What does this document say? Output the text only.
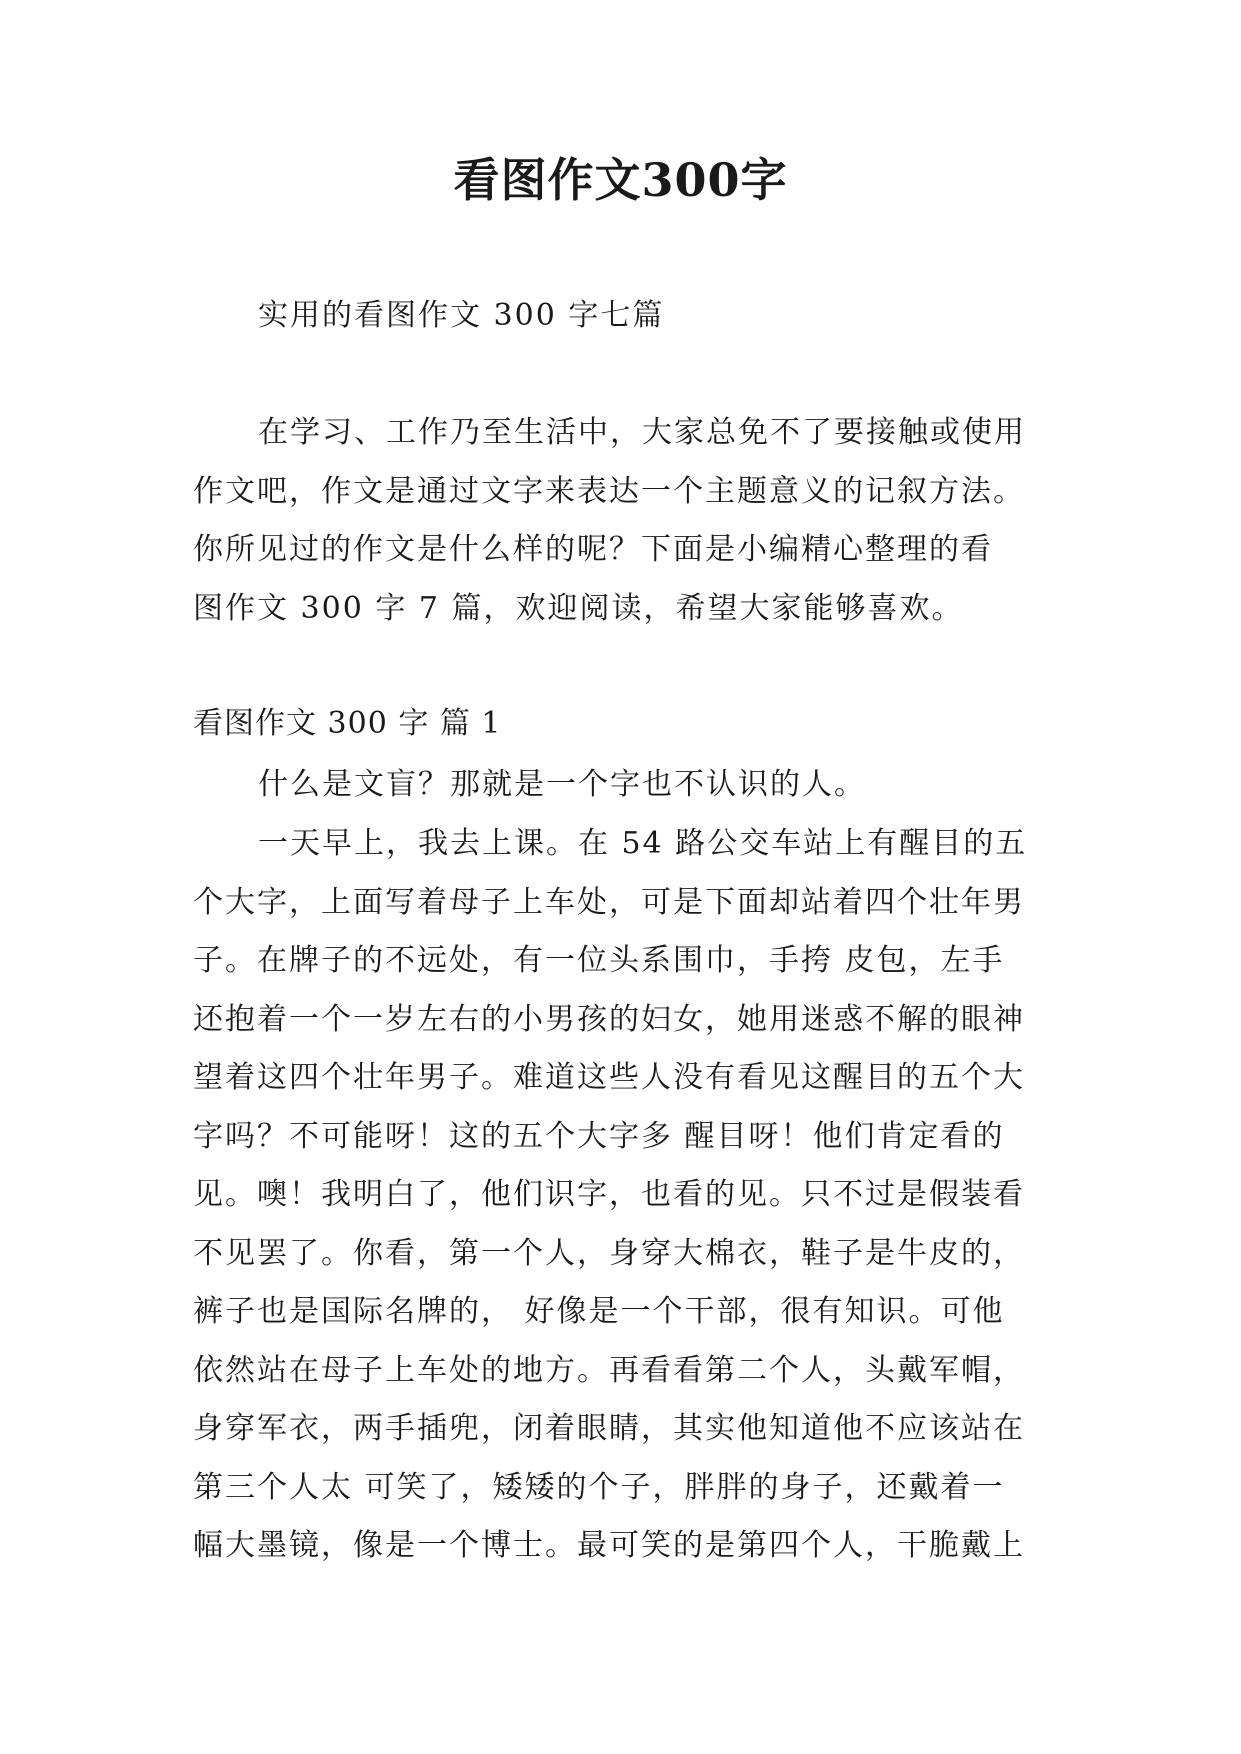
看图作文300字
实用的看图作文 300 字七篇
在学习、工作乃至生活中，大家总免不了要接触或使用
作文吧，作文是通过文字来表达一个主题意义的记叙方法。
你所见过的作文是什么样的呢？下面是小编精心整理的看
图作文 300 字 7 篇，欢迎阅读，希望大家能够喜欢。
看图作文 300 字 篇 1
什么是文盲？那就是一个字也不认识的人。
一天早上，我去上课。在 54 路公交车站上有醒目的五
个大字，上面写着母子上车处，可是下面却站着四个壮年男
子。在牌子的不远处，有一位头系围巾，手挎 皮包，左手
还抱着一个一岁左右的小男孩的妇女，她用迷惑不解的眼神
望着这四个壮年男子。难道这些人没有看见这醒目的五个大
字吗？不可能呀！这的五个大字多 醒目呀！他们肯定看的
见。噢！我明白了，他们识字，也看的见。只不过是假装看
不见罢了。你看，第一个人，身穿大棉衣，鞋子是牛皮的，
裤子也是国际名牌的， 好像是一个干部，很有知识。可他
依然站在母子上车处的地方。再看看第二个人，头戴军帽，
身穿军衣，两手插兜，闭着眼睛，其实他知道他不应该站在
第三个人太 可笑了，矮矮的个子，胖胖的身子，还戴着一
幅大墨镜，像是一个博士。最可笑的是第四个人，干脆戴上
